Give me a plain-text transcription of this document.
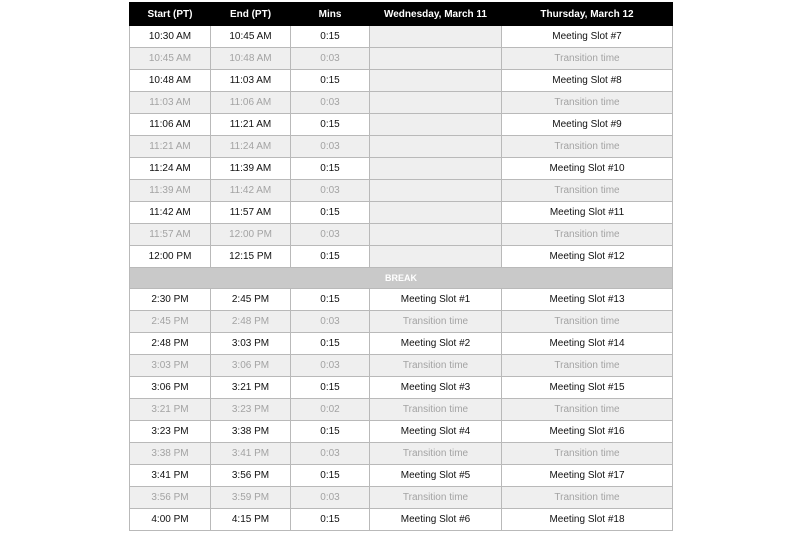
Start (PT)	End (PT)	Mins	Wednesday, March 11	Thursday, March 12
10:30 AM	10:45 AM	0:15		Meeting Slot #7
10:45 AM	10:48 AM	0:03		Transition time
10:48 AM	11:03 AM	0:15		Meeting Slot #8
11:03 AM	11:06 AM	0:03		Transition time
11:06 AM	11:21 AM	0:15		Meeting Slot #9
11:21 AM	11:24 AM	0:03		Transition time
11:24 AM	11:39 AM	0:15		Meeting Slot #10
11:39 AM	11:42 AM	0:03		Transition time
11:42 AM	11:57 AM	0:15		Meeting Slot #11
11:57 AM	12:00 PM	0:03		Transition time
12:00 PM	12:15 PM	0:15		Meeting Slot #12
BREAK				
2:30 PM	2:45 PM	0:15	Meeting Slot #1	Meeting Slot #13
2:45 PM	2:48 PM	0:03	Transition time	Transition time
2:48 PM	3:03 PM	0:15	Meeting Slot #2	Meeting Slot #14
3:03 PM	3:06 PM	0:03	Transition time	Transition time
3:06 PM	3:21 PM	0:15	Meeting Slot #3	Meeting Slot #15
3:21 PM	3:23 PM	0:02	Transition time	Transition time
3:23 PM	3:38 PM	0:15	Meeting Slot #4	Meeting Slot #16
3:38 PM	3:41 PM	0:03	Transition time	Transition time
3:41 PM	3:56 PM	0:15	Meeting Slot #5	Meeting Slot #17
3:56 PM	3:59 PM	0:03	Transition time	Transition time
4:00 PM	4:15 PM	0:15	Meeting Slot #6	Meeting Slot #18
